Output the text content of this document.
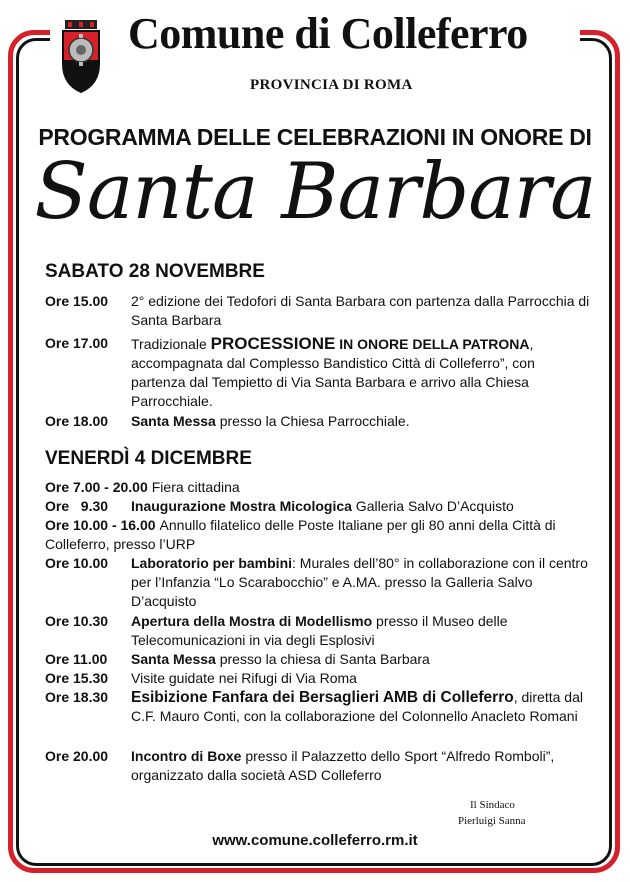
Comune di Colleferro
PROVINCIA DI ROMA
PROGRAMMA DELLE CELEBRAZIONI IN ONORE DI
Santa Barbara
SABATO 28 NOVEMBRE
Ore 15.00	2° edizione dei Tedofori di Santa Barbara con partenza dalla Parrocchia di Santa Barbara
Ore 17.00	Tradizionale PROCESSIONE IN ONORE DELLA PATRONA, accompagnata dal Complesso Bandistico Città di Colleferro”, con partenza dal Tempietto di Via Santa Barbara e arrivo alla Chiesa Parrocchiale.
Ore 18.00	Santa Messa presso la Chiesa Parrocchiale.
VENERDÌ 4 DICEMBRE
Ore 7.00 - 20.00 Fiera cittadina
Ore   9.30	Inaugurazione Mostra Micologica Galleria Salvo D’Acquisto
Ore 10.00 - 16.00 Annullo filatelico delle Poste Italiane per gli 80 anni della Città di Colleferro, presso l’URP
Ore 10.00	Laboratorio per bambini: Murales dell’80° in collaborazione con il centro per l’Infanzia “Lo Scarabocchio” e A.MA. presso la Galleria Salvo D’acquisto
Ore 10.30	Apertura della Mostra di Modellismo presso il Museo delle Telecomunicazioni in via degli Esplosivi
Ore 11.00	Santa Messa presso la chiesa di Santa Barbara
Ore 15.30	Visite guidate nei Rifugi di Via Roma
Ore 18.30	Esibizione Fanfara dei Bersaglieri AMB di Colleferro, diretta dal C.F. Mauro Conti, con la collaborazione del Colonnello Anacleto Romani
Ore 20.00	Incontro di Boxe presso il Palazzetto dello Sport “Alfredo Romboli”, organizzato dalla società ASD Colleferro
Il Sindaco
Pierluigi Sanna
www.comune.colleferro.rm.it
